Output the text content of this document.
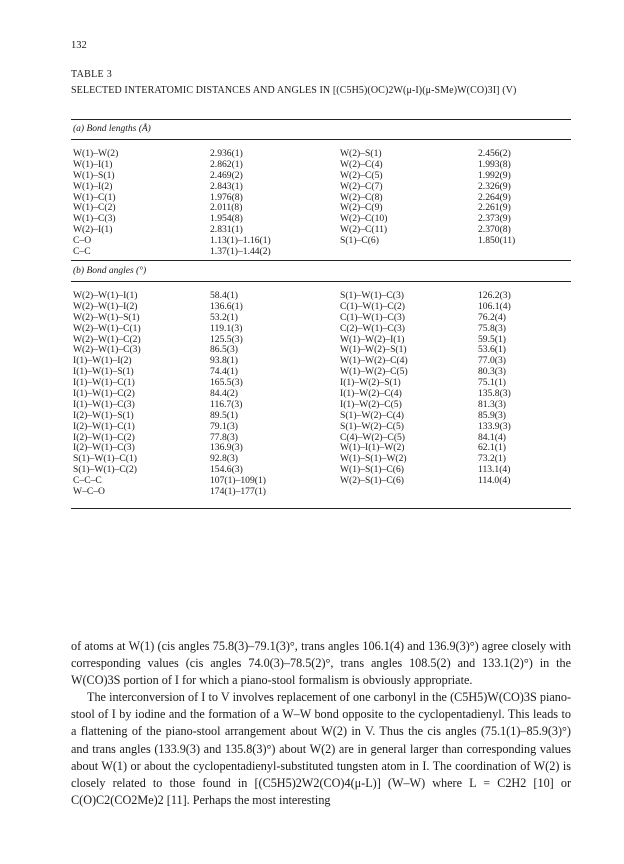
132
TABLE 3
SELECTED INTERATOMIC DISTANCES AND ANGLES IN [(C5H5)(OC)2W(μ-I)(μ-SMe)W(CO)3I] (V)
(a) Bond lengths (Å)
W(1)–W(2)	2.936(1)	W(2)–S(1)	2.456(2)
W(1)–I(1)	2.862(1)	W(2)–C(4)	1.993(8)
W(1)–S(1)	2.469(2)	W(2)–C(5)	1.992(9)
W(1)–I(2)	2.843(1)	W(2)–C(7)	2.326(9)
W(1)–C(1)	1.976(8)	W(2)–C(8)	2.264(9)
W(1)–C(2)	2.011(8)	W(2)–C(9)	2.261(9)
W(1)–C(3)	1.954(8)	W(2)–C(10)	2.373(9)
W(2)–I(1)	2.831(1)	W(2)–C(11)	2.370(8)
C–O	1.13(1)–1.16(1)	S(1)–C(6)	1.850(11)
C–C	1.37(1)–1.44(2)
(b) Bond angles (°)
W(2)–W(1)–I(1)	58.4(1)	S(1)–W(1)–C(3)	126.2(3)
W(2)–W(1)–I(2)	136.6(1)	C(1)–W(1)–C(2)	106.1(4)
W(2)–W(1)–S(1)	53.2(1)	C(1)–W(1)–C(3)	76.2(4)
W(2)–W(1)–C(1)	119.1(3)	C(2)–W(1)–C(3)	75.8(3)
W(2)–W(1)–C(2)	125.5(3)	W(1)–W(2)–I(1)	59.5(1)
W(2)–W(1)–C(3)	86.5(3)	W(1)–W(2)–S(1)	53.6(1)
I(1)–W(1)–I(2)	93.8(1)	W(1)–W(2)–C(4)	77.0(3)
I(1)–W(1)–S(1)	74.4(1)	W(1)–W(2)–C(5)	80.3(3)
I(1)–W(1)–C(1)	165.5(3)	I(1)–W(2)–S(1)	75.1(1)
I(1)–W(1)–C(2)	84.4(2)	I(1)–W(2)–C(4)	135.8(3)
I(1)–W(1)–C(3)	116.7(3)	I(1)–W(2)–C(5)	81.3(3)
I(2)–W(1)–S(1)	89.5(1)	S(1)–W(2)–C(4)	85.9(3)
I(2)–W(1)–C(1)	79.1(3)	S(1)–W(2)–C(5)	133.9(3)
I(2)–W(1)–C(2)	77.8(3)	C(4)–W(2)–C(5)	84.1(4)
I(2)–W(1)–C(3)	136.9(3)	W(1)–I(1)–W(2)	62.1(1)
S(1)–W(1)–C(1)	92.8(3)	W(1)–S(1)–W(2)	73.2(1)
S(1)–W(1)–C(2)	154.6(3)	W(1)–S(1)–C(6)	113.1(4)
C–C–C	107(1)–109(1)	W(2)–S(1)–C(6)	114.0(4)
W–C–O	174(1)–177(1)

of atoms at W(1) (cis angles 75.8(3)–79.1(3)°, trans angles 106.1(4) and 136.9(3)°) agree closely with corresponding values (cis angles 74.0(3)–78.5(2)°, trans angles 108.5(2) and 133.1(2)°) in the W(CO)3S portion of I for which a piano-stool formalism is obviously appropriate.

The interconversion of I to V involves replacement of one carbonyl in the (C5H5)W(CO)3S piano-stool of I by iodine and the formation of a W–W bond opposite to the cyclopentadienyl. This leads to a flattening of the piano-stool arrangement about W(2) in V. Thus the cis angles (75.1(1)–85.9(3)°) and trans angles (133.9(3) and 135.8(3)°) about W(2) are in general larger than corresponding values about W(1) or about the cyclopentadienyl-substituted tungsten atom in I. The coordination of W(2) is closely related to those found in [(C5H5)2W2(CO)4(μ-L)] (W–W) where L = C2H2 [10] or C(O)C2(CO2Me)2 [11]. Perhaps the most interesting
